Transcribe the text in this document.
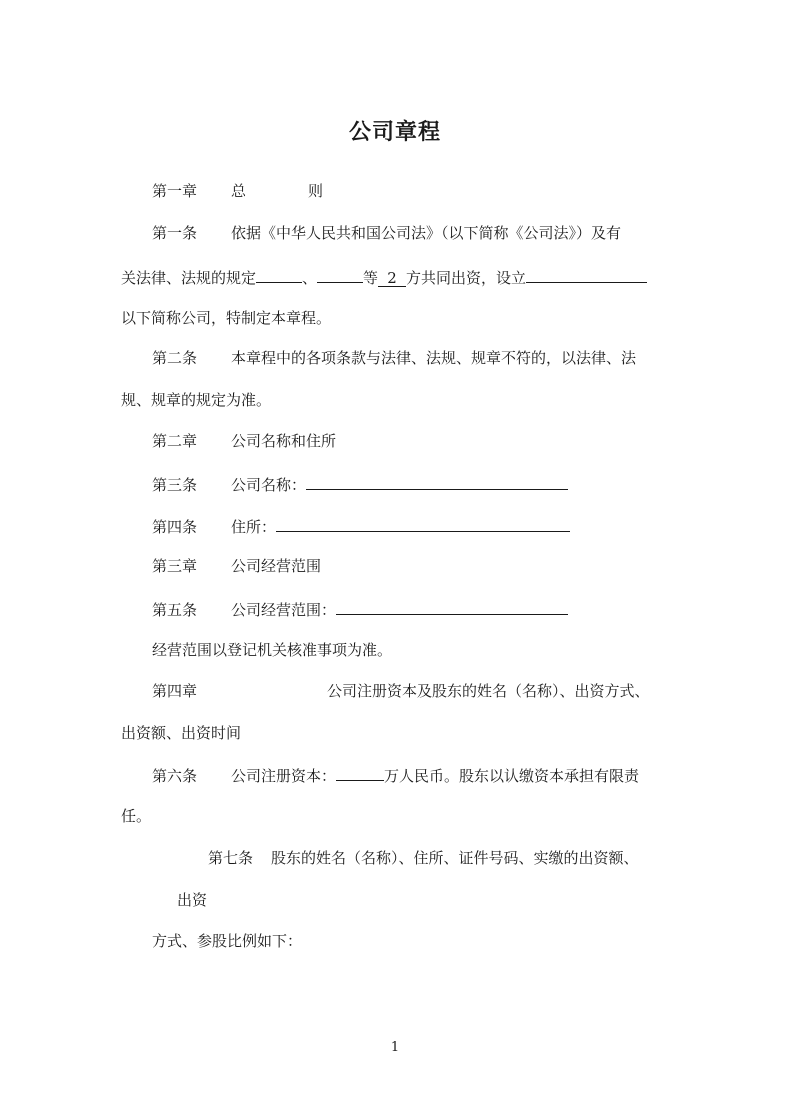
公司章程
第一章 总	则
第一条 依据《中华人民共和国公司法》（以下简称《公司法》）及有
关法律、法规的规定	、	等 2 方共同出资，设立
以下简称公司，特制定本章程。
第二条 本章程中的各项条款与法律、法规、规章不符的，以法律、法
规、规章的规定为准。
第二章 公司名称和住所
第三条 公司名称：
第四条 住所：
第三章 公司经营范围
第五条 公司经营范围：
经营范围以登记机关核准事项为准。
第四章	公司注册资本及股东的姓名（名称）、出资方式、
出资额、出资时间
第六条 公司注册资本：	万人民币。股东以认缴资本承担有限责
任。
第七条 股东的姓名（名称）、住所、证件号码、实缴的出资额、
出资
方式、参股比例如下：
1
